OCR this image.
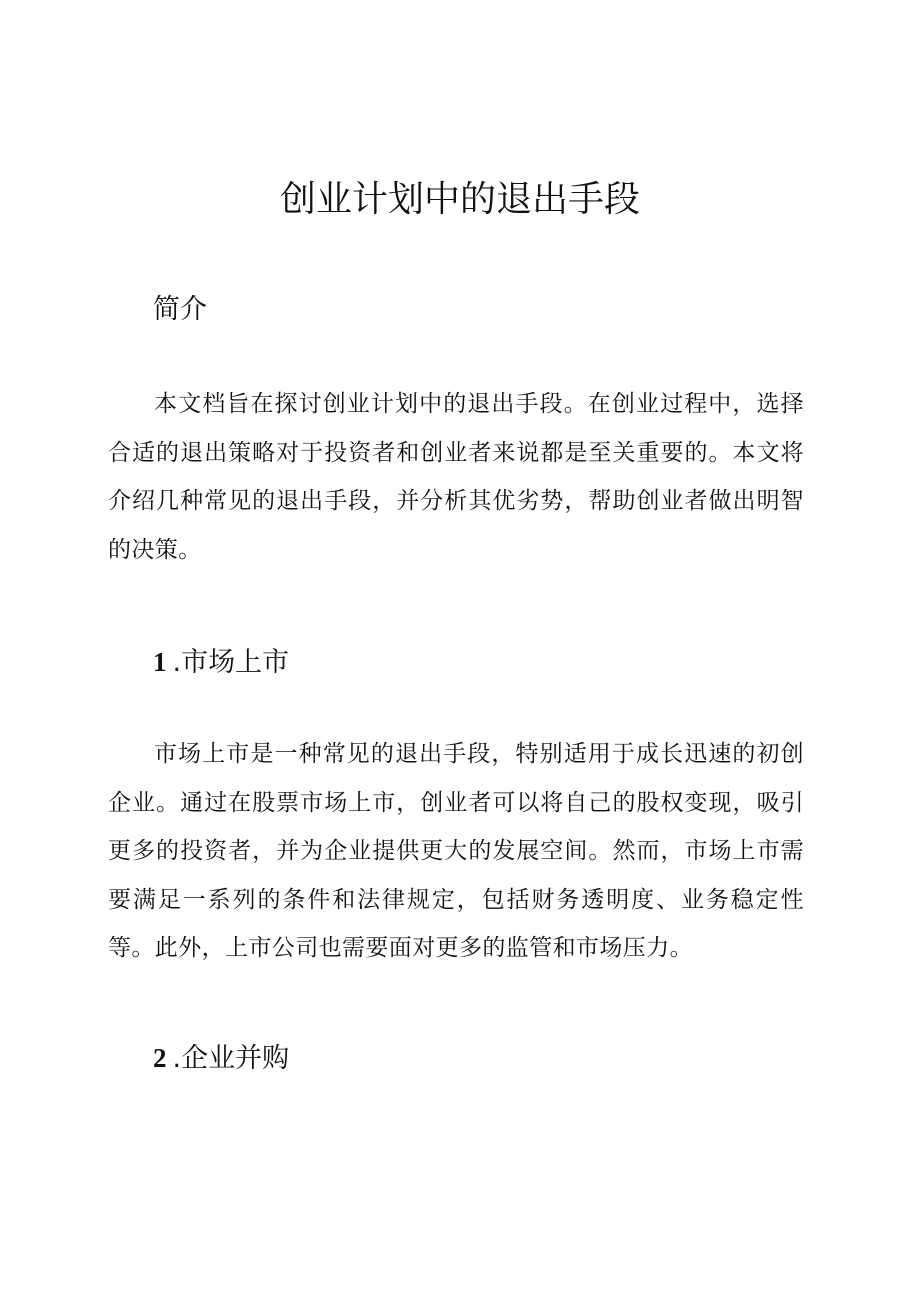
创业计划中的退出手段
简介

本文档旨在探讨创业计划中的退出手段。在创业过程中，选择合适的退出策略对于投资者和创业者来说都是至关重要的。本文将介绍几种常见的退出手段，并分析其优劣势，帮助创业者做出明智的决策。

1 .市场上市

市场上市是一种常见的退出手段，特别适用于成长迅速的初创企业。通过在股票市场上市，创业者可以将自己的股权变现，吸引更多的投资者，并为企业提供更大的发展空间。然而，市场上市需要满足一系列的条件和法律规定，包括财务透明度、业务稳定性等。此外，上市公司也需要面对更多的监管和市场压力。

2 .企业并购
